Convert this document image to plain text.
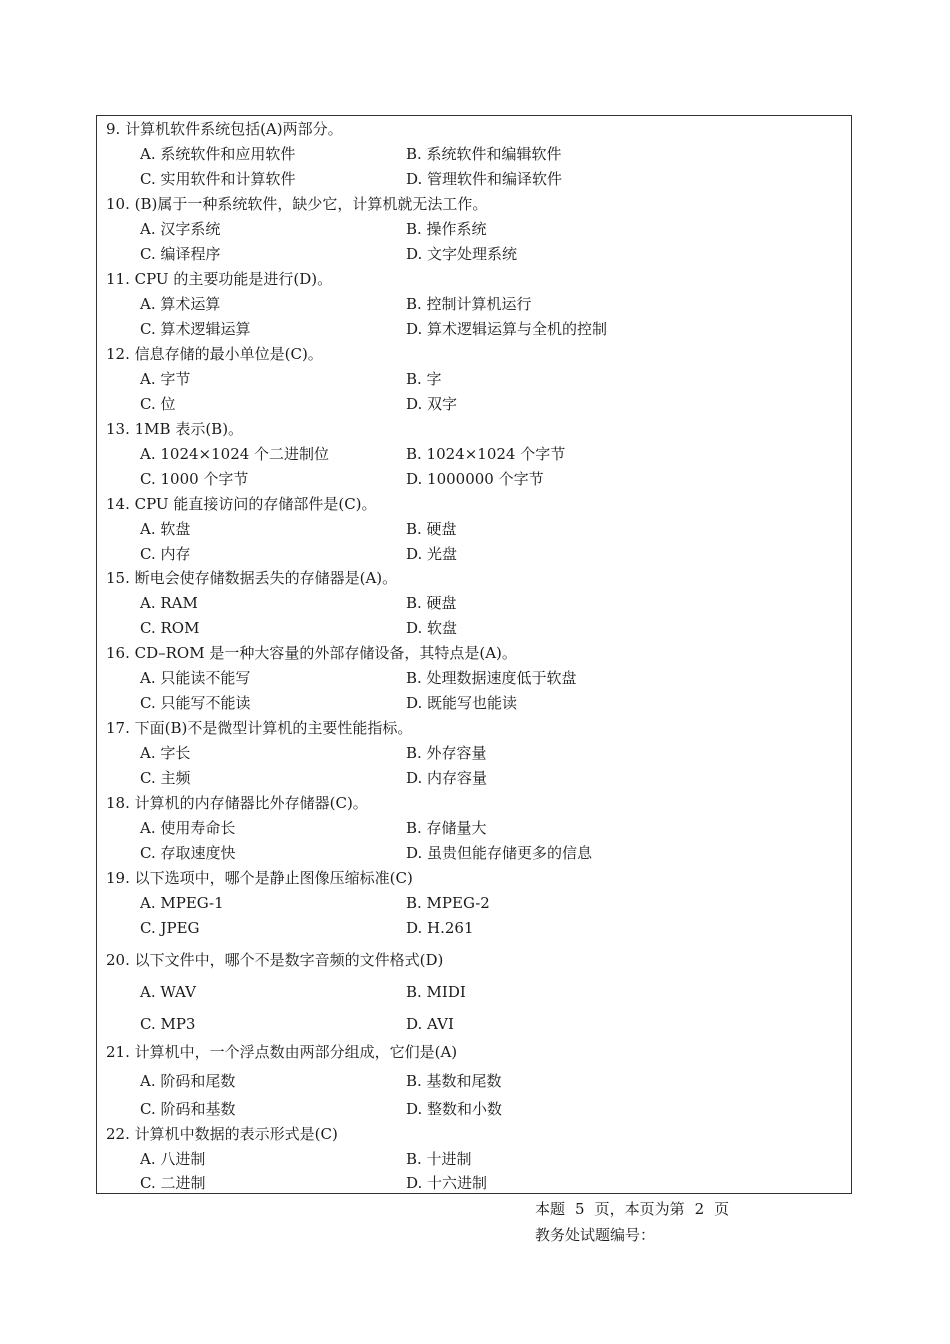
9. 计算机软件系统包括(A)两部分。
A. 系统软件和应用软件	B. 系统软件和编辑软件
C. 实用软件和计算软件	D. 管理软件和编译软件
10. (B)属于一种系统软件，缺少它，计算机就无法工作。
A. 汉字系统	B. 操作系统
C. 编译程序	D. 文字处理系统
11. CPU 的主要功能是进行(D)。
A. 算术运算	B. 控制计算机运行
C. 算术逻辑运算	D. 算术逻辑运算与全机的控制
12. 信息存储的最小单位是(C)。
A. 字节	B. 字
C. 位	D. 双字
13. 1MB 表示(B)。
A. 1024×1024 个二进制位	B. 1024×1024 个字节
C. 1000 个字节	D. 1000000 个字节
14. CPU 能直接访问的存储部件是(C)。
A. 软盘	B. 硬盘
C. 内存	D. 光盘
15. 断电会使存储数据丢失的存储器是(A)。
A. RAM	B. 硬盘
C. ROM	D. 软盘
16. CD–ROM 是一种大容量的外部存储设备，其特点是(A)。
A. 只能读不能写	B. 处理数据速度低于软盘
C. 只能写不能读	D. 既能写也能读
17. 下面(B)不是微型计算机的主要性能指标。
A. 字长	B. 外存容量
C. 主频	D. 内存容量
18. 计算机的内存储器比外存储器(C)。
A. 使用寿命长	B. 存储量大
C. 存取速度快	D. 虽贵但能存储更多的信息
19. 以下选项中，哪个是静止图像压缩标准(C)
A. MPEG-1	B. MPEG-2
C. JPEG	D. H.261
20. 以下文件中，哪个不是数字音频的文件格式(D)
A. WAV	B. MIDI
C. MP3	D. AVI
21. 计算机中，一个浮点数由两部分组成，它们是(A)
A. 阶码和尾数	B. 基数和尾数
C. 阶码和基数	D. 整数和小数
22. 计算机中数据的表示形式是(C)
A. 八进制	B. 十进制
C. 二进制	D. 十六进制
本题 5 页，本页为第 2 页
教务处试题编号：
